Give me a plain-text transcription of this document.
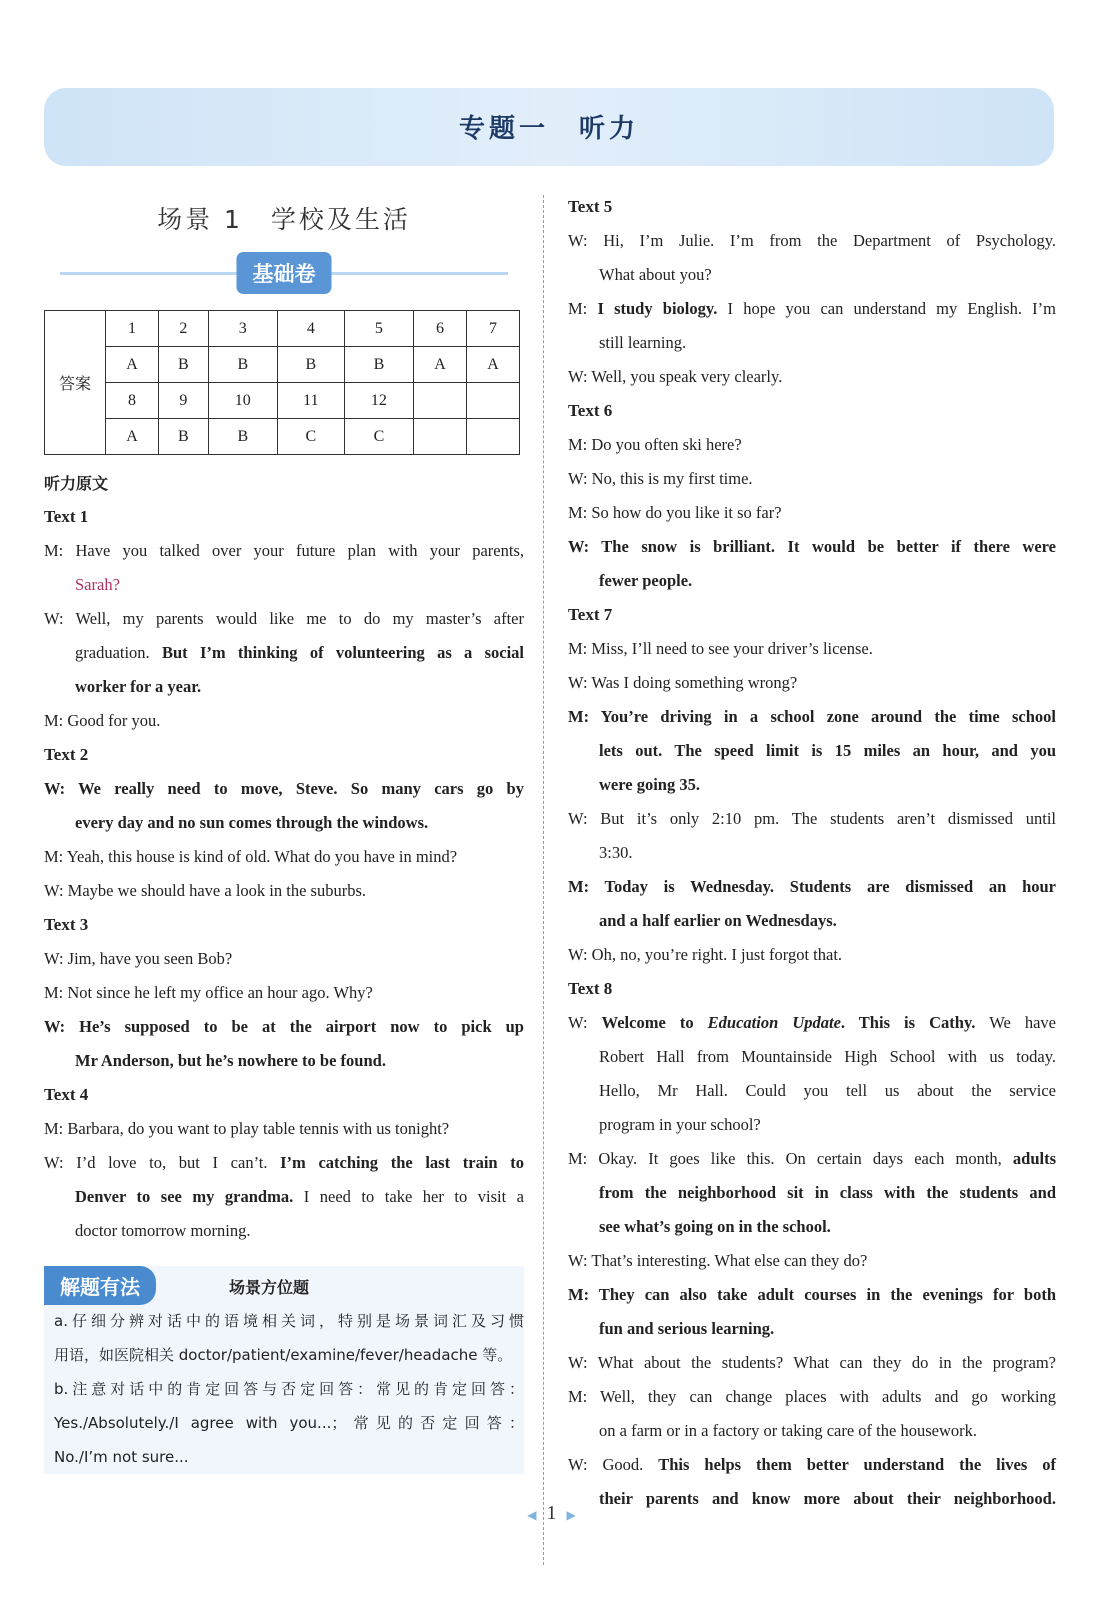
专题一　听力
场景 1　学校及生活
基础卷
答案	1	2	3	4	5	6	7
	A	B	B	B	B	A	A
	8	9	10	11	12		
	A	B	B	C	C		
听力原文
Text 1
M: Have you talked over your future plan with your parents,
Sarah?
W: Well, my parents would like me to do my master’s after
graduation. But I’m thinking of volunteering as a social
worker for a year.
M: Good for you.
Text 2
W: We really need to move, Steve. So many cars go by
every day and no sun comes through the windows.
M: Yeah, this house is kind of old. What do you have in mind?
W: Maybe we should have a look in the suburbs.
Text 3
W: Jim, have you seen Bob?
M: Not since he left my office an hour ago. Why?
W: He’s supposed to be at the airport now to pick up
Mr Anderson, but he’s nowhere to be found.
Text 4
M: Barbara, do you want to play table tennis with us tonight?
W: I’d love to, but I can’t. I’m catching the last train to
Denver to see my grandma. I need to take her to visit a
doctor tomorrow morning.
解题有法	场景方位题
a.仔细分辨对话中的语境相关词，特别是场景词汇及习惯
用语，如医院相关 doctor/patient/examine/fever/headache 等。
b.注意对话中的肯定回答与否定回答：常见的肯定回答：
Yes./Absolutely./I agree with you...；常见的否定回答：
No./I’m not sure...
Text 5
W: Hi, I’m Julie. I’m from the Department of Psychology.
What about you?
M: I study biology. I hope you can understand my English. I’m
still learning.
W: Well, you speak very clearly.
Text 6
M: Do you often ski here?
W: No, this is my first time.
M: So how do you like it so far?
W: The snow is brilliant. It would be better if there were
fewer people.
Text 7
M: Miss, I’ll need to see your driver’s license.
W: Was I doing something wrong?
M: You’re driving in a school zone around the time school
lets out. The speed limit is 15 miles an hour, and you
were going 35.
W: But it’s only 2:10 pm. The students aren’t dismissed until
3:30.
M: Today is Wednesday. Students are dismissed an hour
and a half earlier on Wednesdays.
W: Oh, no, you’re right. I just forgot that.
Text 8
W: Welcome to Education Update. This is Cathy. We have
Robert Hall from Mountainside High School with us today.
Hello, Mr Hall. Could you tell us about the service
program in your school?
M: Okay. It goes like this. On certain days each month, adults
from the neighborhood sit in class with the students and
see what’s going on in the school.
W: That’s interesting. What else can they do?
M: They can also take adult courses in the evenings for both
fun and serious learning.
W: What about the students? What can they do in the program?
M: Well, they can change places with adults and go working
on a farm or in a factory or taking care of the housework.
W: Good. This helps them better understand the lives of
their parents and know more about their neighborhood.
◀ 1 ▶
